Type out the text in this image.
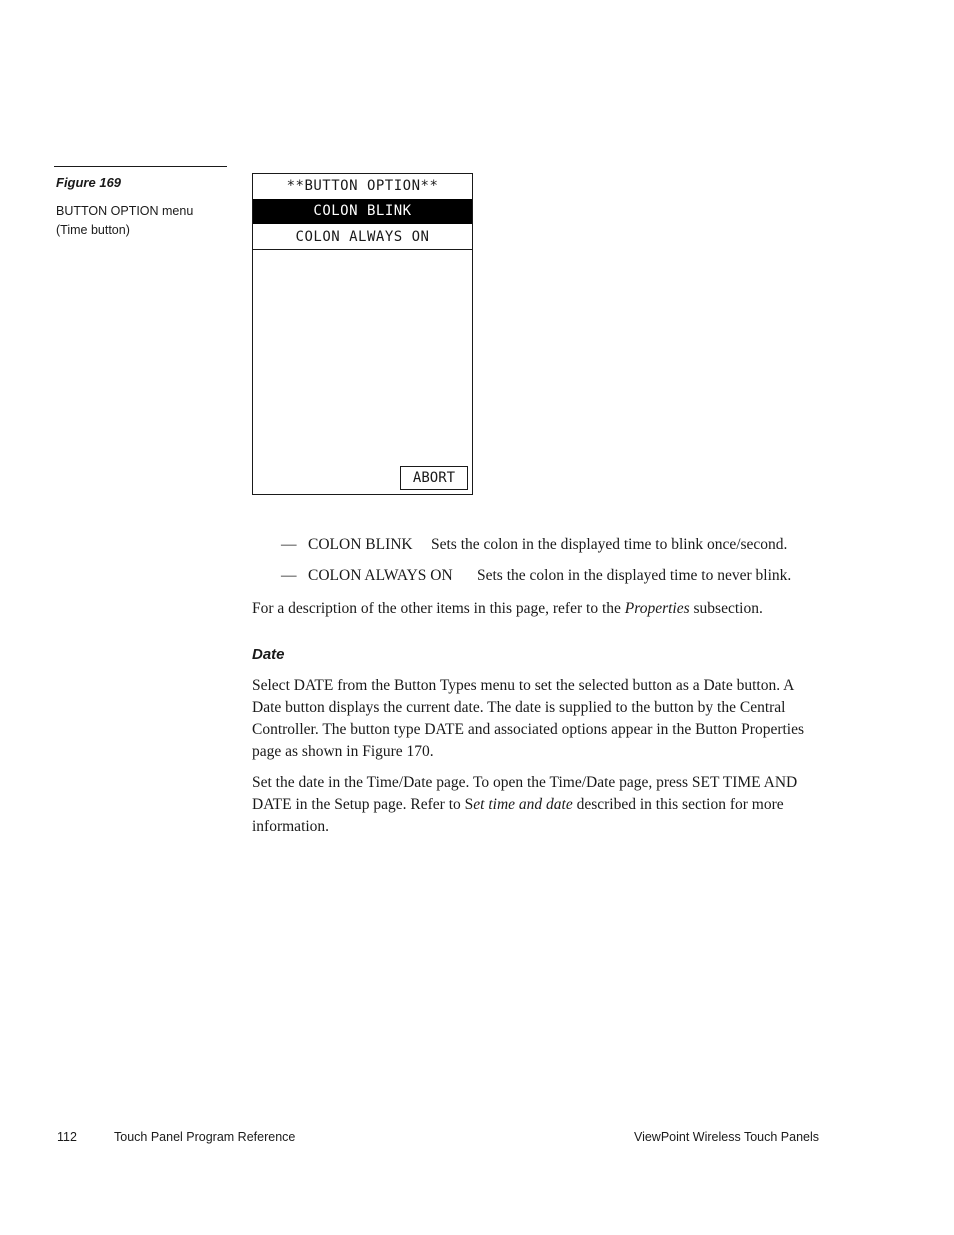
Figure 169
BUTTON OPTION menu
(Time button)
**BUTTON OPTION**
COLON BLINK
COLON ALWAYS ON
ABORT
— COLON BLINK Sets the colon in the displayed time to blink once/second.
— COLON ALWAYS ON Sets the colon in the displayed time to never blink.

For a description of the other items in this page, refer to the Properties subsection.

Date

Select DATE from the Button Types menu to set the selected button as a Date button. A Date button displays the current date. The date is supplied to the button by the Central Controller. The button type DATE and associated options appear in the Button Properties page as shown in Figure 170.

Set the date in the Time/Date page. To open the Time/Date page, press SET TIME AND DATE in the Setup page. Refer to Set time and date described in this section for more information.

112	Touch Panel Program Reference	ViewPoint Wireless Touch Panels
